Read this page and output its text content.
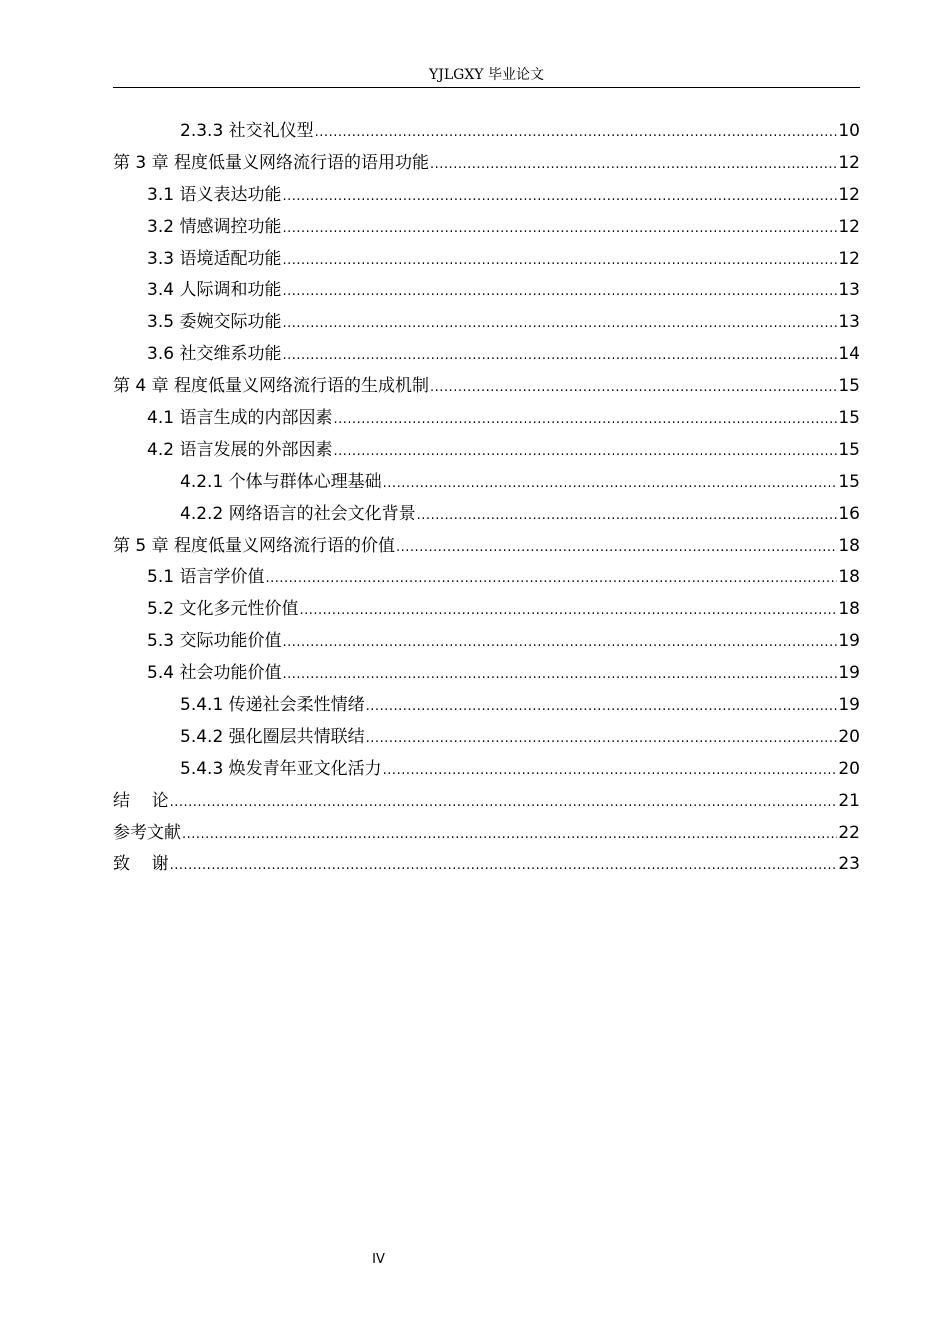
YJLGXY 毕业论文
2.3.3 社交礼仪型 .....	10
第 3 章 程度低量义网络流行语的语用功能 .....	12
3.1 语义表达功能 .....	12
3.2 情感调控功能 .....	12
3.3 语境适配功能 .....	12
3.4 人际调和功能 .....	13
3.5 委婉交际功能 .....	13
3.6 社交维系功能 .....	14
第 4 章 程度低量义网络流行语的生成机制 .....	15
4.1 语言生成的内部因素 .....	15
4.2 语言发展的外部因素 .....	15
4.2.1 个体与群体心理基础 .....	15
4.2.2 网络语言的社会文化背景 .....	16
第 5 章 程度低量义网络流行语的价值 .....	18
5.1 语言学价值 .....	18
5.2 文化多元性价值 .....	18
5.3 交际功能价值 .....	19
5.4 社会功能价值 .....	19
5.4.1 传递社会柔性情绪 .....	19
5.4.2 强化圈层共情联结 .....	20
5.4.3 焕发青年亚文化活力 .....	20
结    论 .....	21
参考文献 .....	22
致    谢 .....	23
IV
